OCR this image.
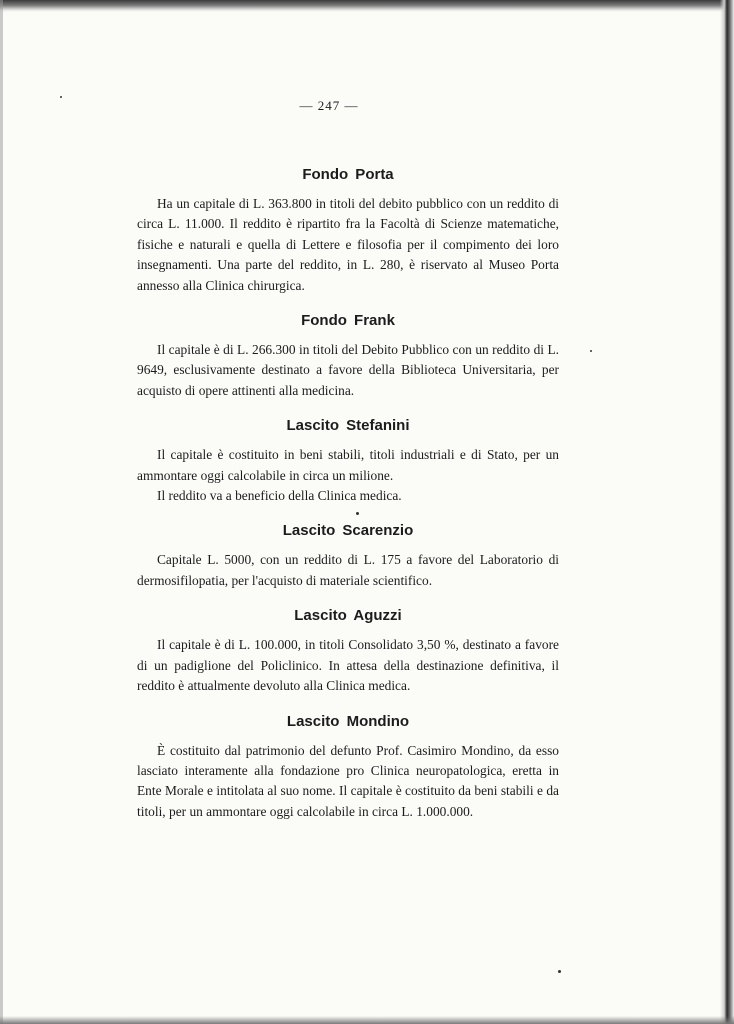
— 247 —
Fondo Porta

Ha un capitale di L. 363.800 in titoli del debito pubblico con un reddito di circa L. 11.000. Il reddito è ripartito fra la Facoltà di Scienze matematiche, fisiche e naturali e quella di Lettere e filosofia per il compimento dei loro insegnamenti. Una parte del reddito, in L. 280, è riservato al Museo Porta annesso alla Clinica chirurgica.

Fondo Frank

Il capitale è di L. 266.300 in titoli del Debito Pubblico con un reddito di L. 9649, esclusivamente destinato a favore della Biblioteca Universitaria, per acquisto di opere attinenti alla medicina.

Lascito Stefanini

Il capitale è costituito in beni stabili, titoli industriali e di Stato, per un ammontare oggi calcolabile in circa un milione.

Il reddito va a beneficio della Clinica medica.

Lascito Scarenzio

Capitale L. 5000, con un reddito di L. 175 a favore del Laboratorio di dermosifilopatia, per l'acquisto di materiale scientifico.

Lascito Aguzzi

Il capitale è di L. 100.000, in titoli Consolidato 3,50 %, destinato a favore di un padiglione del Policlinico. In attesa della destinazione definitiva, il reddito è attualmente devoluto alla Clinica medica.

Lascito Mondino

È costituito dal patrimonio del defunto Prof. Casimiro Mondino, da esso lasciato interamente alla fondazione pro Clinica neuropatologica, eretta in Ente Morale e intitolata al suo nome. Il capitale è costituito da beni stabili e da titoli, per un ammontare oggi calcolabile in circa L. 1.000.000.
